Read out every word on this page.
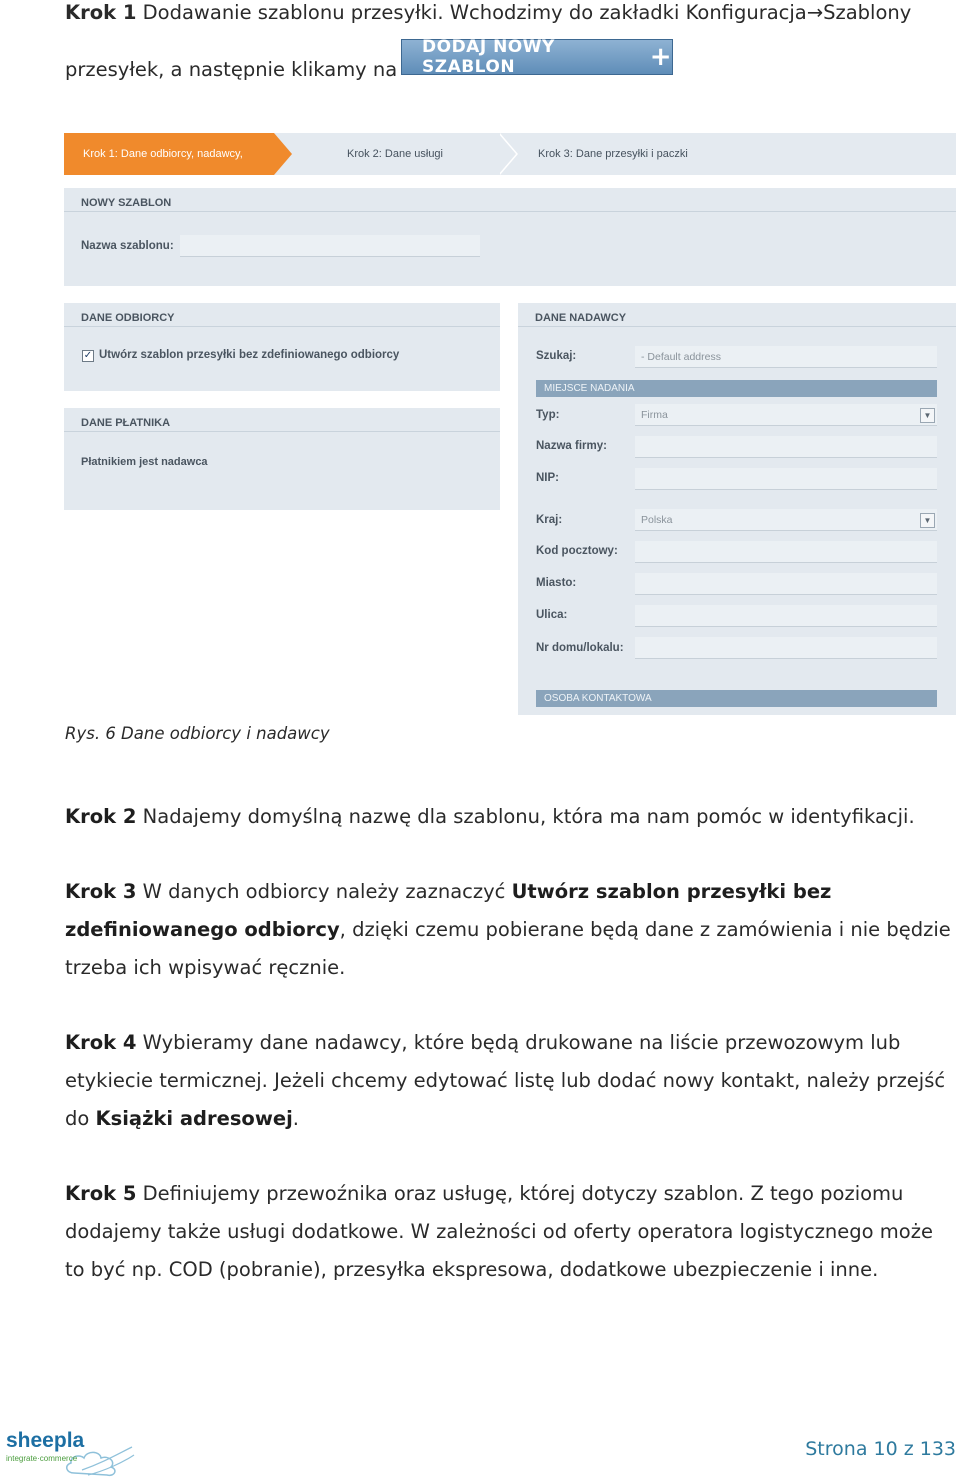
Krok 1 Dodawanie szablonu przesyłki. Wchodzimy do zakładki Konfiguracja→Szablony
przesyłek, a następnie klikamy na
DODAJ NOWY SZABLON	+
Krok 1: Dane odbiorcy, nadawcy,	Krok 2: Dane usługi	Krok 3: Dane przesyłki i paczki
NOWY SZABLON
Nazwa szablonu:
DANE ODBIORCY
✓ Utwórz szablon przesyłki bez zdefiniowanego odbiorcy
DANE PŁATNIKA
Płatnikiem jest nadawca
DANE NADAWCY
Szukaj:	- Default address
MIEJSCE NADANIA
Typ:	Firma	▼
Nazwa firmy:
NIP:
Kraj:	Polska	▼
Kod pocztowy:
Miasto:
Ulica:
Nr domu/lokalu:
OSOBA KONTAKTOWA
Rys. 6 Dane odbiorcy i nadawcy
Krok 2 Nadajemy domyślną nazwę dla szablonu, która ma nam pomóc w identyfikacji.
Krok 3 W danych odbiorcy należy zaznaczyć Utwórz szablon przesyłki bez zdefiniowanego odbiorcy, dzięki czemu pobierane będą dane z zamówienia i nie będzie trzeba ich wpisywać ręcznie.
Krok 4 Wybieramy dane nadawcy, które będą drukowane na liście przewozowym lub etykiecie termicznej. Jeżeli chcemy edytować listę lub dodać nowy kontakt, należy przejść do Książki adresowej.
Krok 5 Definiujemy przewoźnika oraz usługę, której dotyczy szablon. Z tego poziomu dodajemy także usługi dodatkowe. W zależności od oferty operatora logistycznego może to być np. COD (pobranie), przesyłka ekspresowa, dodatkowe ubezpieczenie i inne.
sheepla
integrate·commerce	Strona 10 z 133
